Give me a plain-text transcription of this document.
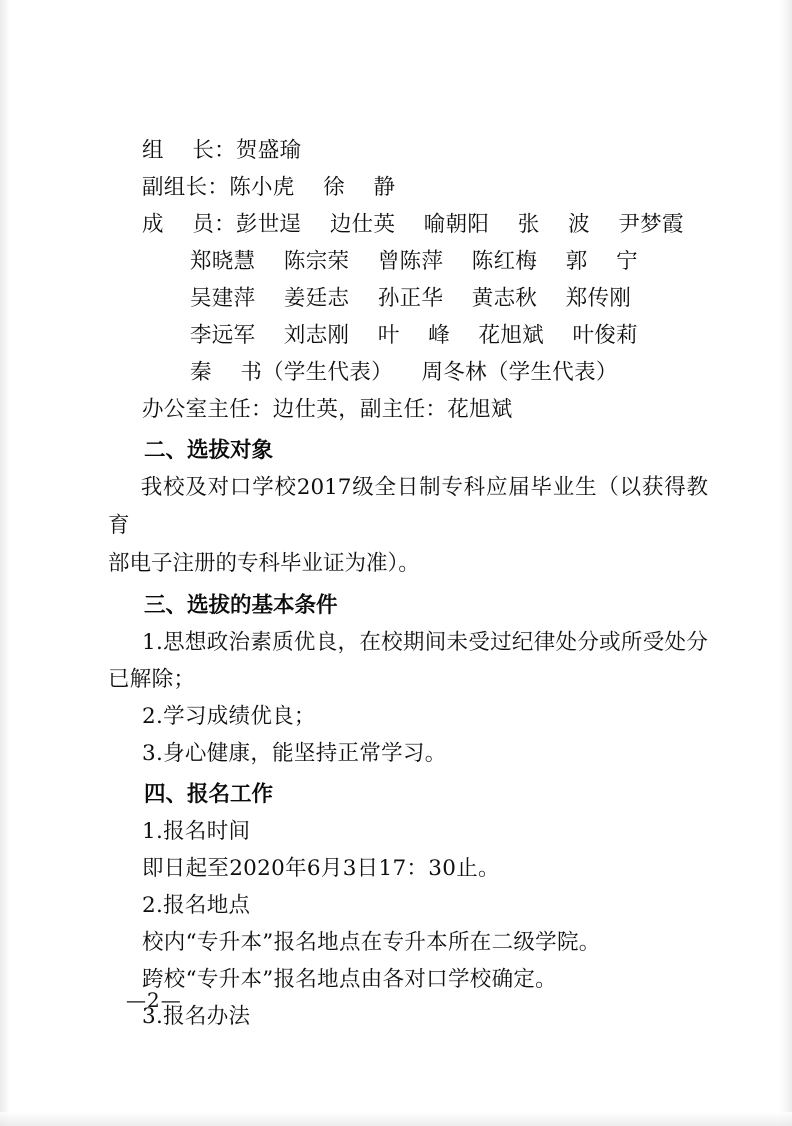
组    长：贺盛瑜
副组长：陈小虎    徐    静
成    员：彭世逞    边仕英    喻朝阳    张    波    尹梦霞
郑晓慧    陈宗荣    曾陈萍    陈红梅    郭    宁
吴建萍    姜廷志    孙正华    黄志秋    郑传刚
李远军    刘志刚    叶    峰    花旭斌    叶俊莉
秦    书（学生代表）    周冬林（学生代表）
办公室主任：边仕英，副主任：花旭斌
二、选拔对象
我校及对口学校2017级全日制专科应届毕业生（以获得教育
部电子注册的专科毕业证为准）。
三、选拔的基本条件
1.思想政治素质优良，在校期间未受过纪律处分或所受处分
已解除；
2.学习成绩优良；
3.身心健康，能坚持正常学习。
四、报名工作
1.报名时间
即日起至2020年6月3日17：30止。
2.报名地点
校内“专升本”报名地点在专升本所在二级学院。
跨校“专升本”报名地点由各对口学校确定。
3.报名办法
—2—
